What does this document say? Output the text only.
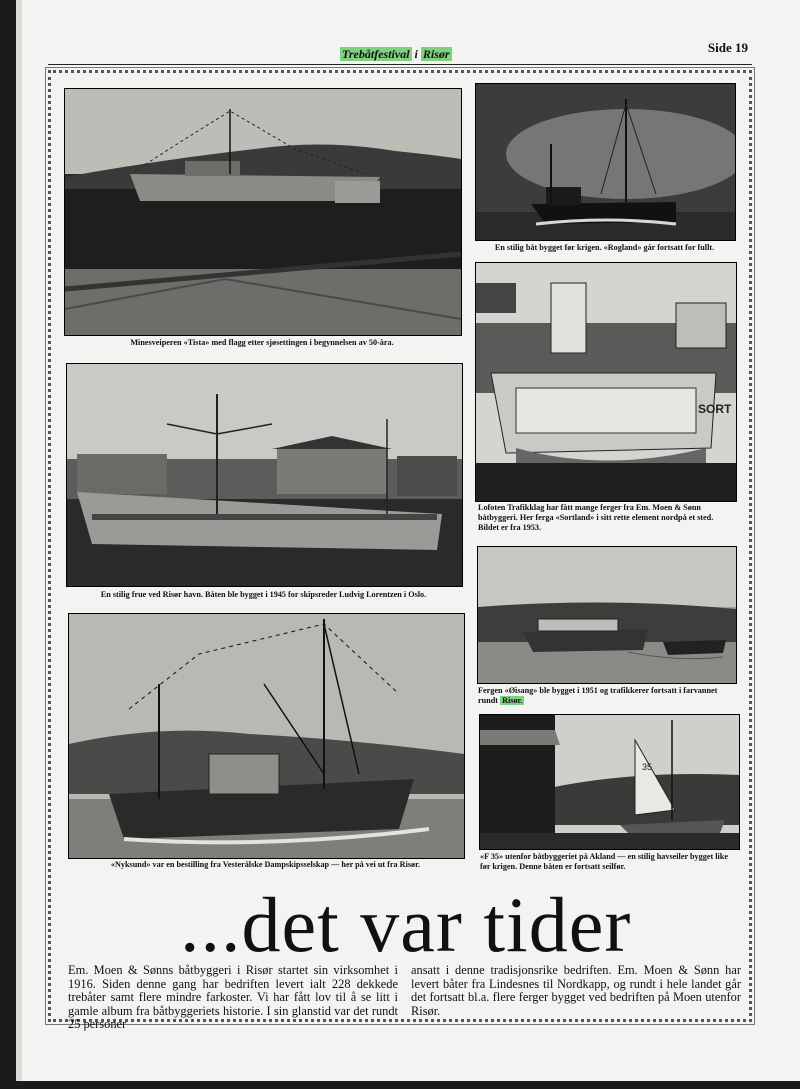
Trebåtfestival i Risør	Side 19
Minesveiperen «Tista» med flagg etter sjøsettingen i begynnelsen av 50-åra.
En stilig båt bygget før krigen. «Rogland» går fortsatt for fullt.
En stilig frue ved Risør havn. Båten ble bygget i 1945 for skipsreder Ludvig Lorentzen i Oslo.
SORT
Lofoten Trafikklag har fått mange ferger fra Em. Moen & Sønn båtbyggeri. Her ferga «Sortland» i sitt rette element nordpå et sted. Bildet er fra 1953.
«Nyksund» var en bestilling fra Vesterålske Dampskipsselskap — her på vei ut fra Risør.
Fergen «Øisang» ble bygget i 1951 og trafikkerer fortsatt i farvannet rundt Risør.
35
«F 35» utenfor båtbyggeriet på Akland — en stilig havseiler bygget like før krigen. Denne båten er fortsatt seilfør.
...det var tider
Em. Moen & Sønns båtbyggeri i Risør startet sin virksomhet i 1916. Siden denne gang har bedriften levert ialt 228 dekkede trebåter samt flere mindre farkoster. Vi har fått lov til å se litt i gamle album fra båtbyggeriets historie. I sin glanstid var det rundt 25 personer
ansatt i denne tradisjonsrike bedriften. Em. Moen & Sønn har levert båter fra Lindesnes til Nordkapp, og rundt i hele landet går det fortsatt bl.a. flere ferger bygget ved bedriften på Moen utenfor Risør.
